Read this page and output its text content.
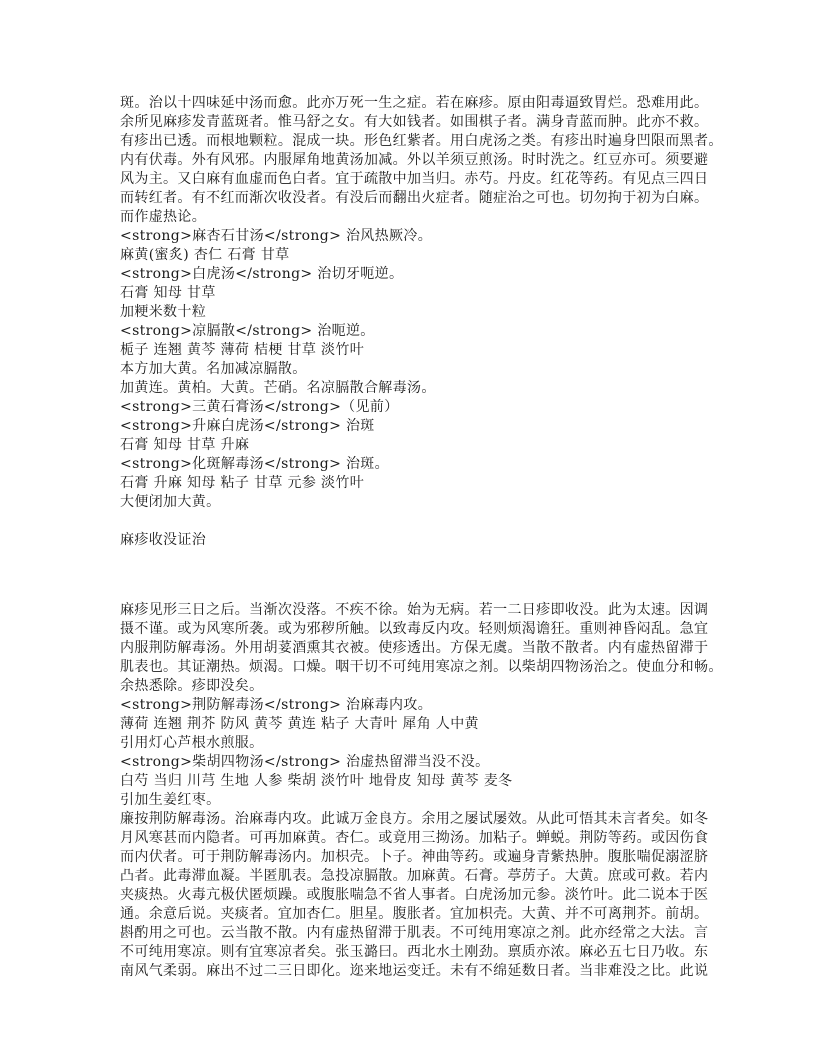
斑。治以十四味延中汤而愈。此亦万死一生之症。若在麻疹。原由阳毒逼致胃烂。恐难用此。
余所见麻疹发青蓝斑者。惟马舒之女。有大如钱者。如围棋子者。满身青蓝而肿。此亦不救。
有疹出已透。而根地颗粒。混成一块。形色红紫者。用白虎汤之类。有疹出时遍身凹限而黑者。
内有伏毒。外有风邪。内服犀角地黄汤加减。外以羊须豆煎汤。时时洗之。红豆亦可。须要避
风为主。又白麻有血虚而色白者。宜于疏散中加当归。赤芍。丹皮。红花等药。有见点三四日
而转红者。有不红而渐次收没者。有没后而翻出火症者。随症治之可也。切勿拘于初为白麻。
而作虚热论。
<strong>麻杏石甘汤</strong> 治风热厥冷。
麻黄(蜜炙) 杏仁 石膏 甘草
<strong>白虎汤</strong> 治切牙呃逆。
石膏 知母 甘草
加粳米数十粒
<strong>凉膈散</strong> 治呃逆。
栀子 连翘 黄芩 薄荷 桔梗 甘草 淡竹叶
本方加大黄。名加减凉膈散。
加黄连。黄柏。大黄。芒硝。名凉膈散合解毒汤。
<strong>三黄石膏汤</strong>（见前）
<strong>升麻白虎汤</strong> 治斑
石膏 知母 甘草 升麻
<strong>化斑解毒汤</strong> 治斑。
石膏 升麻 知母 粘子 甘草 元参 淡竹叶
大便闭加大黄。
麻疹收没证治
麻疹见形三日之后。当渐次没落。不疾不徐。始为无病。若一二日疹即收没。此为太速。因调
摄不谨。或为风寒所袭。或为邪秽所触。以致毒反内攻。轻则烦渴谵狂。重则神昏闷乱。急宜
内服荆防解毒汤。外用胡荽酒熏其衣被。使疹透出。方保无虞。当散不散者。内有虚热留滞于
肌表也。其证潮热。烦渴。口燥。咽干切不可纯用寒凉之剂。以柴胡四物汤治之。使血分和畅。
余热悉除。疹即没矣。
<strong>荆防解毒汤</strong> 治麻毒内攻。
薄荷 连翘 荆芥 防风 黄芩 黄连 粘子 大青叶 犀角 人中黄
引用灯心芦根水煎服。
<strong>柴胡四物汤</strong> 治虚热留滞当没不没。
白芍 当归 川芎 生地 人参 柴胡 淡竹叶 地骨皮 知母 黄芩 麦冬
引加生姜红枣。
廉按荆防解毒汤。治麻毒内攻。此诚万金良方。余用之屡试屡效。从此可悟其未言者矣。如冬
月风寒甚而内隐者。可再加麻黄。杏仁。或竟用三拗汤。加粘子。蝉蜕。荆防等药。或因伤食
而内伏者。可于荆防解毒汤内。加枳壳。卜子。神曲等药。或遍身青紫热肿。腹胀喘促溺涩脐
凸者。此毒滞血凝。半匿肌表。急投凉膈散。加麻黄。石膏。葶苈子。大黄。庶或可救。若内
夹痰热。火毒亢极伏匿烦躁。或腹胀喘急不省人事者。白虎汤加元参。淡竹叶。此二说本于医
通。余意后说。夹痰者。宜加杏仁。胆星。腹胀者。宜加枳壳。大黄、并不可离荆芥。前胡。
斟酌用之可也。云当散不散。内有虚热留滞于肌表。不可纯用寒凉之剂。此亦经常之大法。言
不可纯用寒凉。则有宜寒凉者矣。张玉潞曰。西北水土刚劲。禀质亦浓。麻必五七日乃收。东
南风气柔弱。麻出不过二三日即化。迩来地运变迁。未有不绵延数日者。当非难没之比。此说
